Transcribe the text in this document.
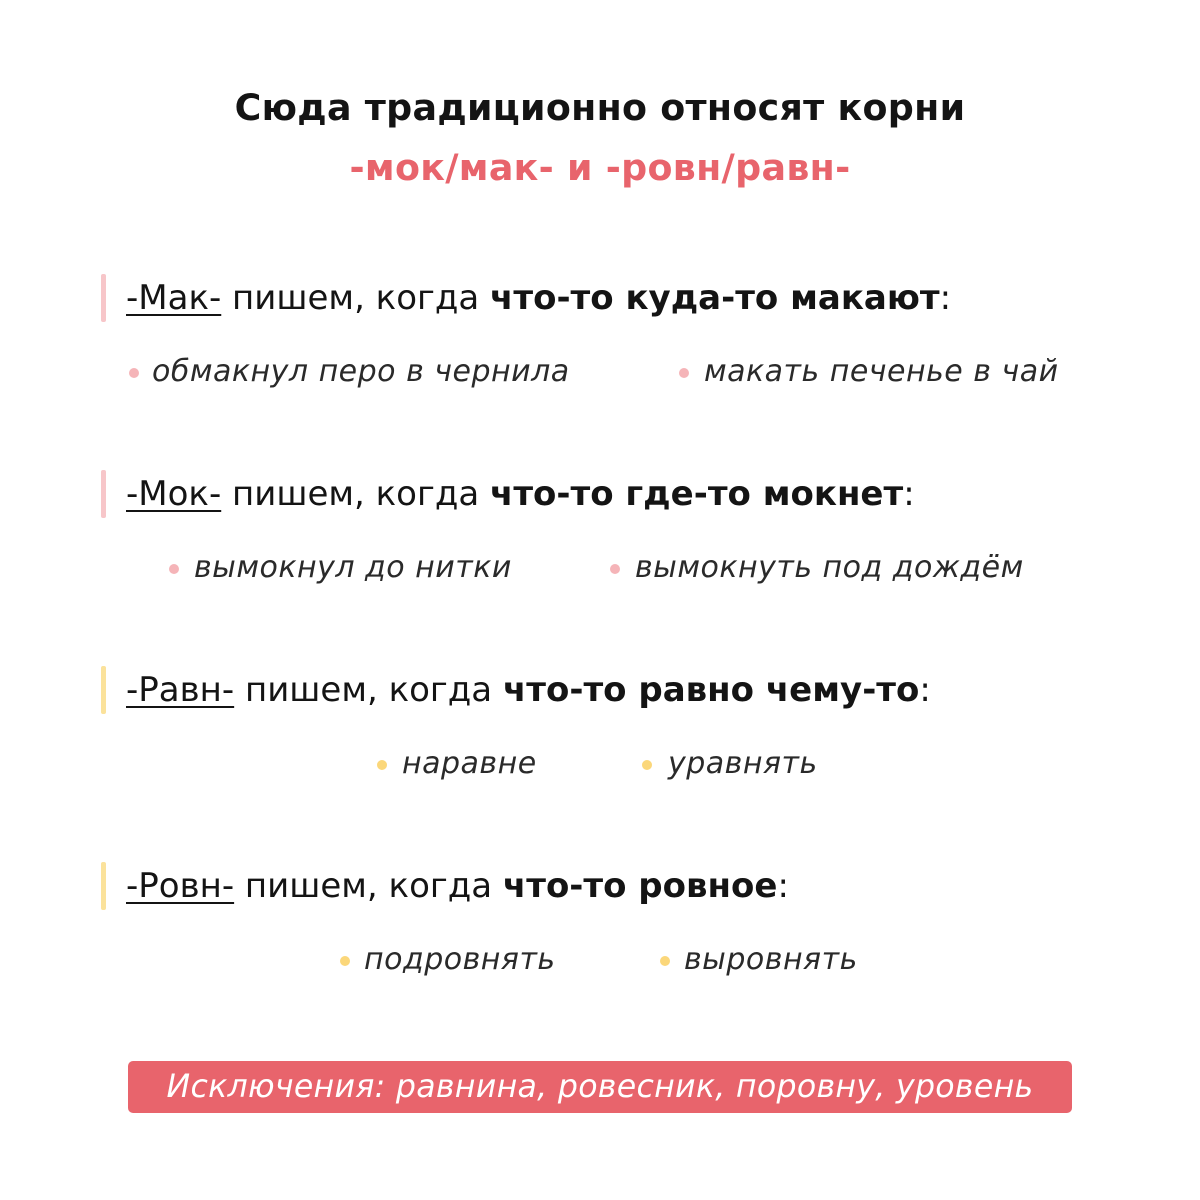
Сюда традиционно относят корни
-мок/мак- и -ровн/равн-
-Мак- пишем, когда что-то куда-то макают:
обмакнул перо в чернила	макать печенье в чай
-Мок- пишем, когда что-то где-то мокнет:
вымокнул до нитки	вымокнуть под дождём
-Равн- пишем, когда что-то равно чему-то:
наравне	уравнять
-Ровн- пишем, когда что-то ровное:
подровнять	выровнять
Исключения: равнина, ровесник, поровну, уровень
